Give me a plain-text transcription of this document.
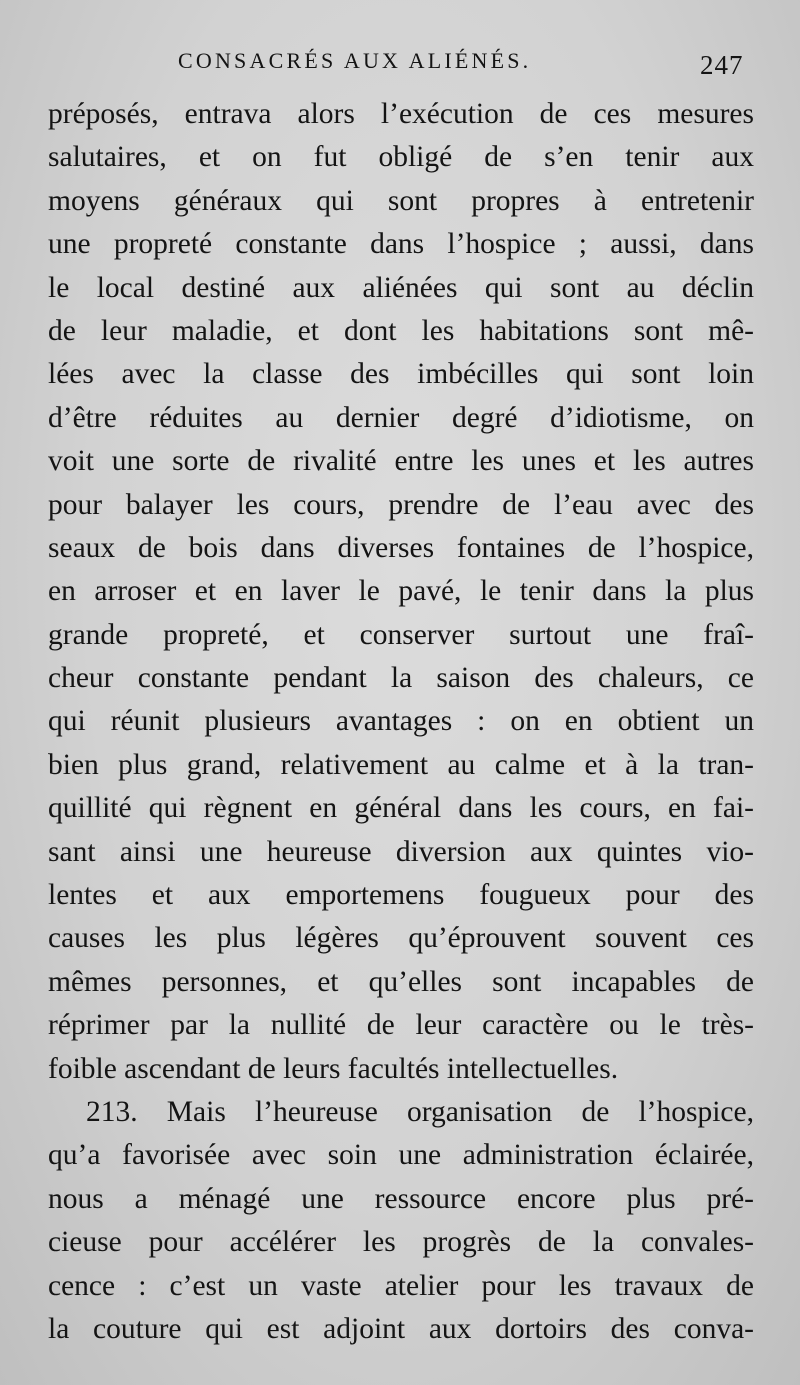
CONSACRÉS AUX ALIÉNÉS.	247
préposés, entrava alors l’exécution de ces mesures
salutaires, et on fut obligé de s’en tenir aux
moyens généraux qui sont propres à entretenir
une propreté constante dans l’hospice ; aussi, dans
le local destiné aux aliénées qui sont au déclin
de leur maladie, et dont les habitations sont mê-
lées avec la classe des imbécilles qui sont loin
d’être réduites au dernier degré d’idiotisme, on
voit une sorte de rivalité entre les unes et les autres
pour balayer les cours, prendre de l’eau avec des
seaux de bois dans diverses fontaines de l’hospice,
en arroser et en laver le pavé, le tenir dans la plus
grande propreté, et conserver surtout une fraî-
cheur constante pendant la saison des chaleurs, ce
qui réunit plusieurs avantages : on en obtient un
bien plus grand, relativement au calme et à la tran-
quillité qui règnent en général dans les cours, en fai-
sant ainsi une heureuse diversion aux quintes vio-
lentes et aux emportemens fougueux pour des
causes les plus légères qu’éprouvent souvent ces
mêmes personnes, et qu’elles sont incapables de
réprimer par la nullité de leur caractère ou le très-
foible ascendant de leurs facultés intellectuelles.
213. Mais l’heureuse organisation de l’hospice,
qu’a favorisée avec soin une administration éclairée,
nous a ménagé une ressource encore plus pré-
cieuse pour accélérer les progrès de la convales-
cence : c’est un vaste atelier pour les travaux de
la couture qui est adjoint aux dortoirs des conva-
